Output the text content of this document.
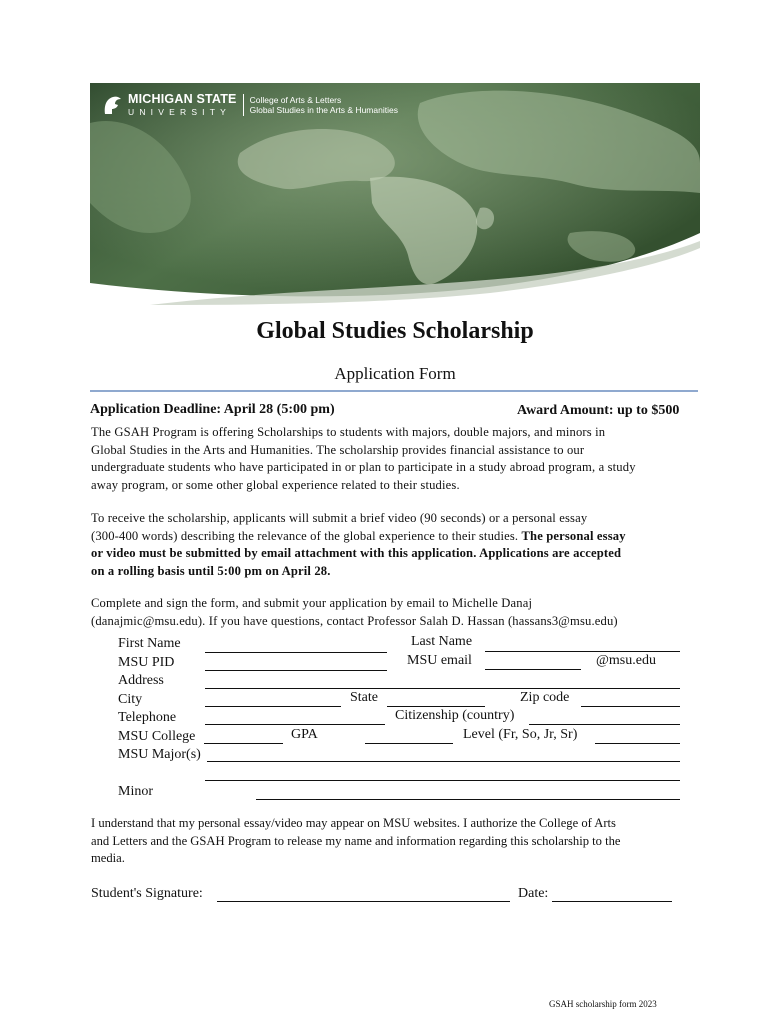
MICHIGAN STATE
UNIVERSITY
College of Arts & Letters
Global Studies in the Arts & Humanities
Global Studies Scholarship
Application Form
Application Deadline: April 28 (5:00 pm)	Award Amount: up to $500
The GSAH Program is offering Scholarships to students with majors, double majors, and minors in
Global Studies in the Arts and Humanities. The scholarship provides financial assistance to our
undergraduate students who have participated in or plan to participate in a study abroad program, a study
away program, or some other global experience related to their studies.
To receive the scholarship, applicants will submit a brief video (90 seconds) or a personal essay
(300-400 words) describing the relevance of the global experience to their studies. The personal essay
or video must be submitted by email attachment with this application. Applications are accepted
on a rolling basis until 5:00 pm on April 28.
Complete and sign the form, and submit your application by email to Michelle Danaj
(danajmic@msu.edu). If you have questions, contact Professor Salah D. Hassan (hassans3@msu.edu)
First Name	Last Name
MSU PID	MSU email	@msu.edu
Address
City	State	Zip code
Telephone	Citizenship (country)
MSU College	GPA	Level (Fr, So, Jr, Sr)
MSU Major(s)
Minor
I understand that my personal essay/video may appear on MSU websites. I authorize the College of Arts
and Letters and the GSAH Program to release my name and information regarding this scholarship to the
media.
Student's Signature:	Date:
GSAH scholarship form 2023
